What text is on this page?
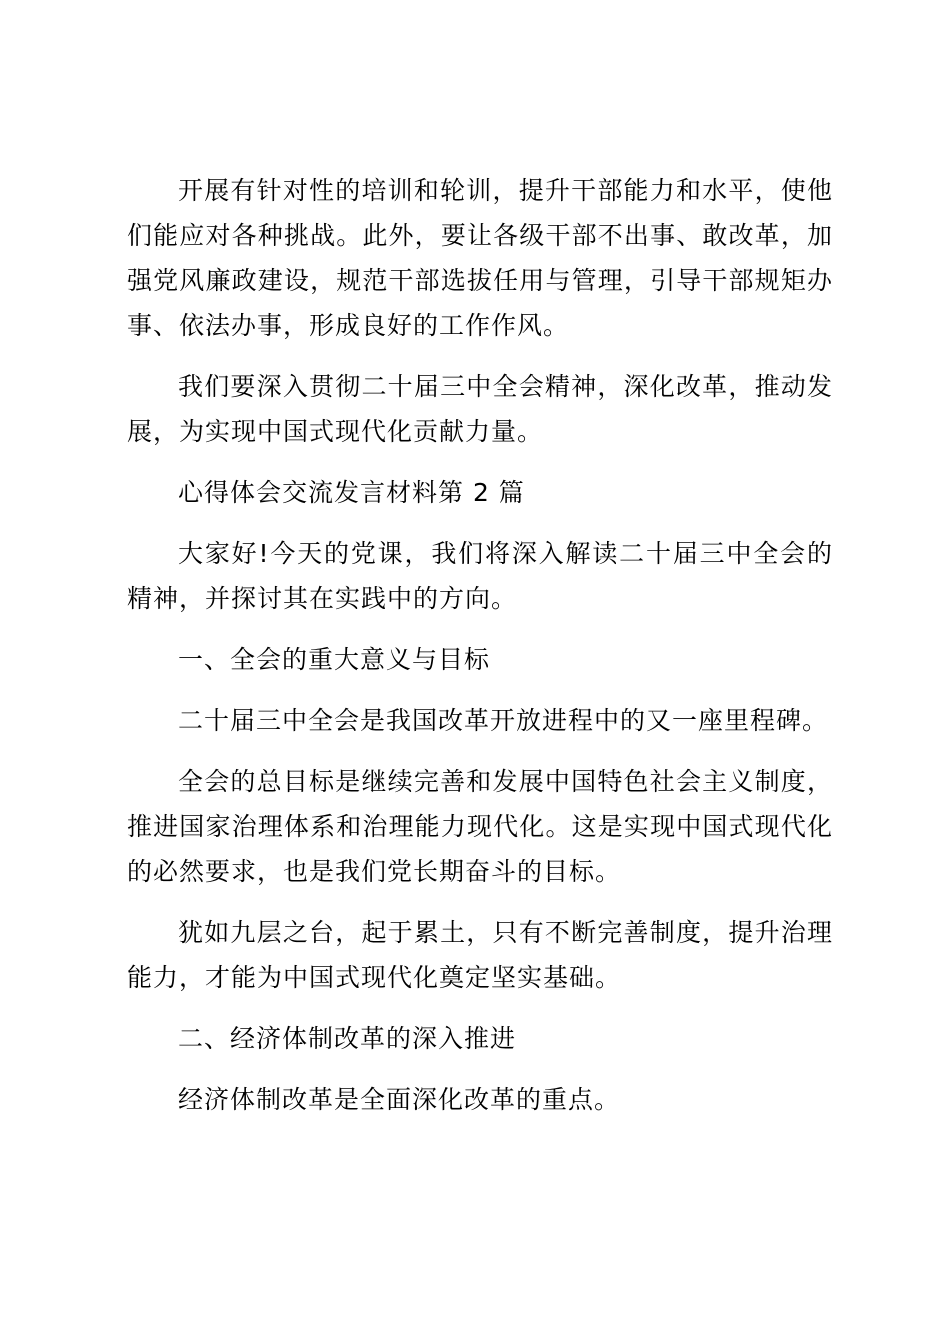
开展有针对性的培训和轮训，提升干部能力和水平，使他们能应对各种挑战。此外，要让各级干部不出事、敢改革，加强党风廉政建设，规范干部选拔任用与管理，引导干部规矩办事、依法办事，形成良好的工作作风。

我们要深入贯彻二十届三中全会精神，深化改革，推动发展，为实现中国式现代化贡献力量。

心得体会交流发言材料第 2 篇

大家好!今天的党课，我们将深入解读二十届三中全会的精神，并探讨其在实践中的方向。

一、全会的重大意义与目标

二十届三中全会是我国改革开放进程中的又一座里程碑。

全会的总目标是继续完善和发展中国特色社会主义制度，推进国家治理体系和治理能力现代化。这是实现中国式现代化的必然要求，也是我们党长期奋斗的目标。

犹如九层之台，起于累土，只有不断完善制度，提升治理能力，才能为中国式现代化奠定坚实基础。

二、经济体制改革的深入推进

经济体制改革是全面深化改革的重点。
